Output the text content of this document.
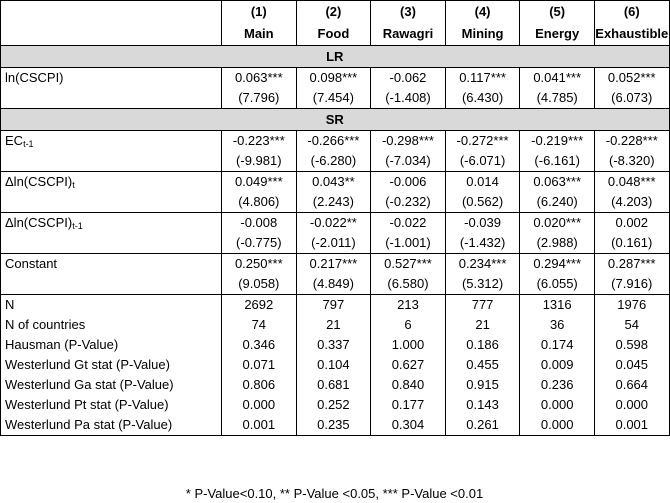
	(1)	(2)	(3)	(4)	(5)	(6)
	Main	Food	Rawagri	Mining	Energy	Exhaustible
LR						
ln(CSCPI)	0.063***	0.098***	-0.062	0.117***	0.041***	0.052***
	(7.796)	(7.454)	(-1.408)	(6.430)	(4.785)	(6.073)
SR						
$EC_{t-1}$	-0.223***	-0.266***	-0.298***	-0.272***	-0.219***	-0.228***
	(-9.981)	(-6.280)	(-7.034)	(-6.071)	(-6.161)	(-8.320)
$\Delta\ln(CSCPI)_t$	0.049***	0.043**	-0.006	0.014	0.063***	0.048***
	(4.806)	(2.243)	(-0.232)	(0.562)	(6.240)	(4.203)
$\Delta\ln(CSCPI)_{t-1}$	-0.008	-0.022**	-0.022	-0.039	0.020***	0.002
	(-0.775)	(-2.011)	(-1.001)	(-1.432)	(2.988)	(0.161)
Constant	0.250***	0.217***	0.527***	0.234***	0.294***	0.287***
	(9.058)	(4.849)	(6.580)	(5.312)	(6.055)	(7.916)
N	2692	797	213	777	1316	1976
N of countries	74	21	6	21	36	54
Hausman (P-Value)	0.346	0.337	1.000	0.186	0.174	0.598
Westerlund Gt stat (P-Value)	0.071	0.104	0.627	0.455	0.009	0.045
Westerlund Ga stat (P-Value)	0.806	0.681	0.840	0.915	0.236	0.664
Westerlund Pt stat (P-Value)	0.000	0.252	0.177	0.143	0.000	0.000
Westerlund Pa stat (P-Value)	0.001	0.235	0.304	0.261	0.000	0.001
* P-Value<0.10, ** P-Value <0.05, *** P-Value <0.01
